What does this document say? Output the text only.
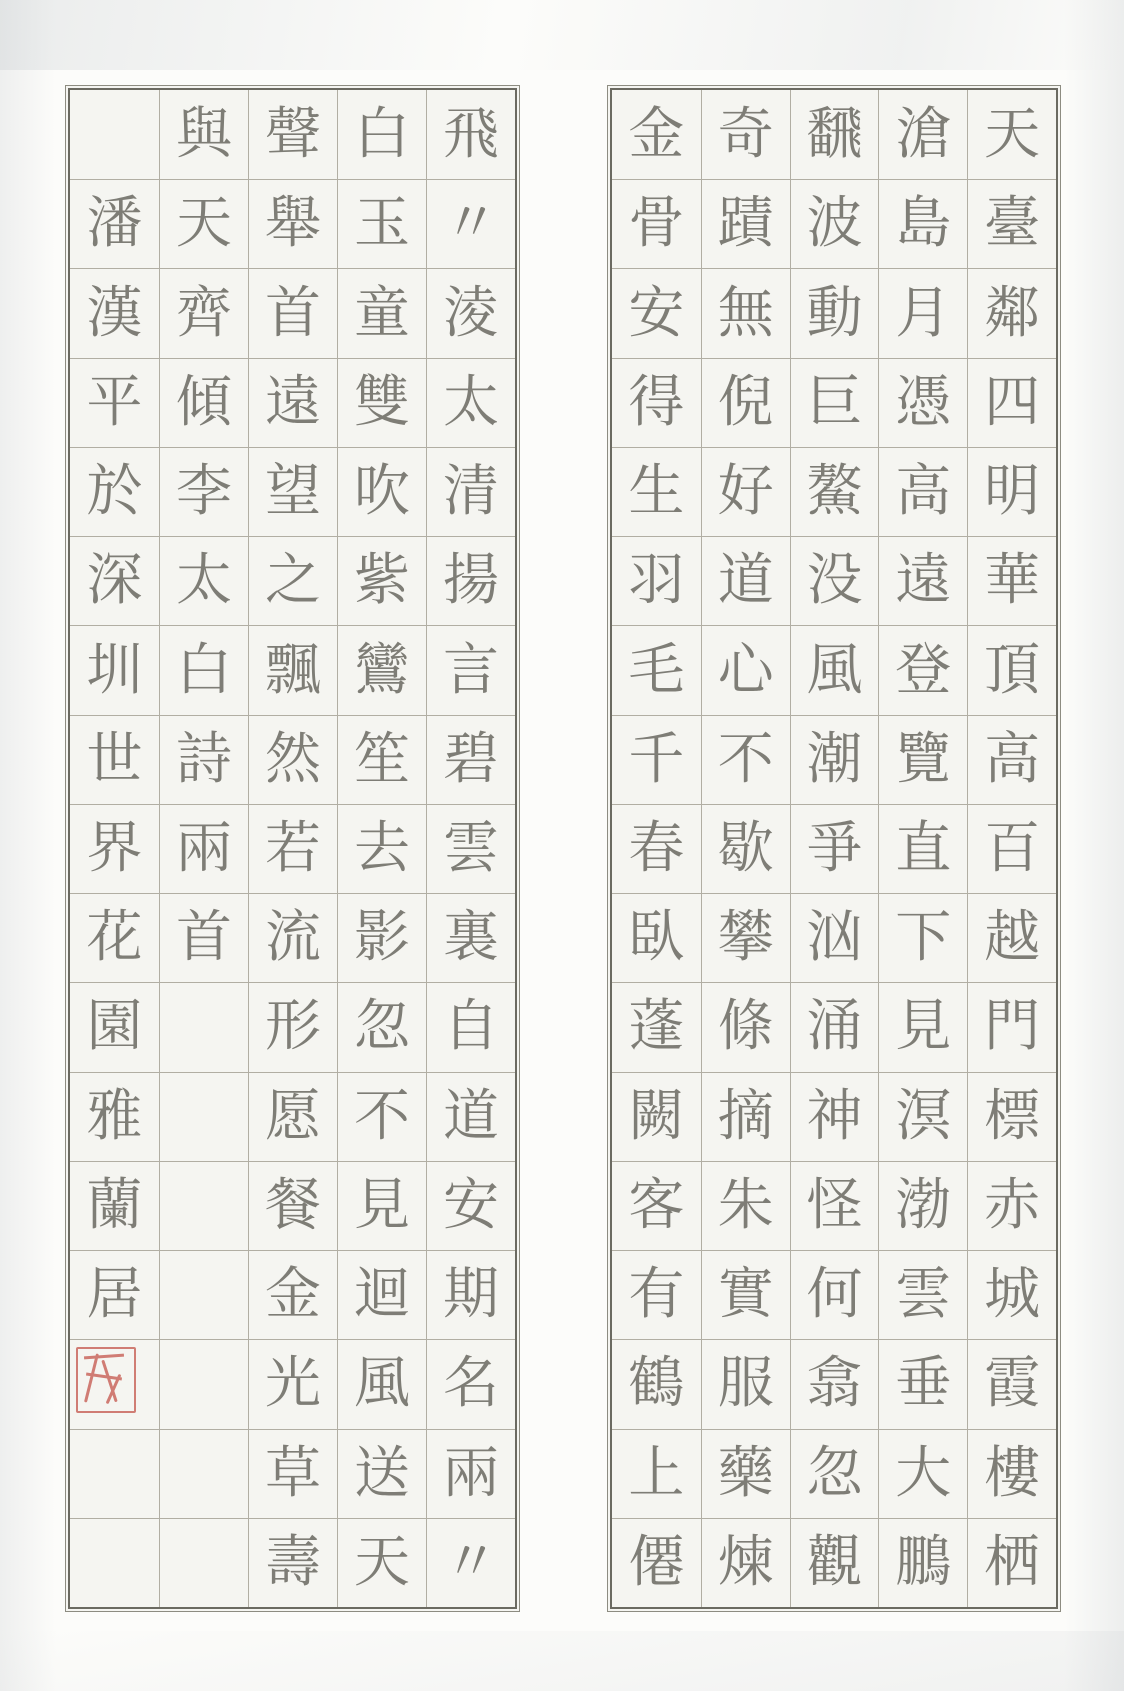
潘
漢
平
於
深
圳
世
界
花
園
雅
蘭
居
與
天
齊
傾
李
太
白
詩
兩
首
聲
舉
首
遠
望
之
飄
然
若
流
形
愿
餐
金
光
草
壽
白
玉
童
雙
吹
紫
鸞
笙
去
影
忽
不
見
迴
風
送
天
飛
〃
淩
太
清
揚
言
碧
雲
裏
自
道
安
期
名
兩
〃
金
骨
安
得
生
羽
毛
千
春
臥
蓬
闕
客
有
鶴
上
僊
奇
蹟
無
倪
好
道
心
不
歇
攀
條
摘
朱
實
服
藥
煉
飜
波
動
巨
鰲
没
風
潮
爭
汹
涌
神
怪
何
翕
忽
觀
滄
島
月
憑
高
遠
登
覽
直
下
見
溟
渤
雲
垂
大
鵬
天
臺
鄰
四
明
華
頂
高
百
越
門
標
赤
城
霞
樓
栖
